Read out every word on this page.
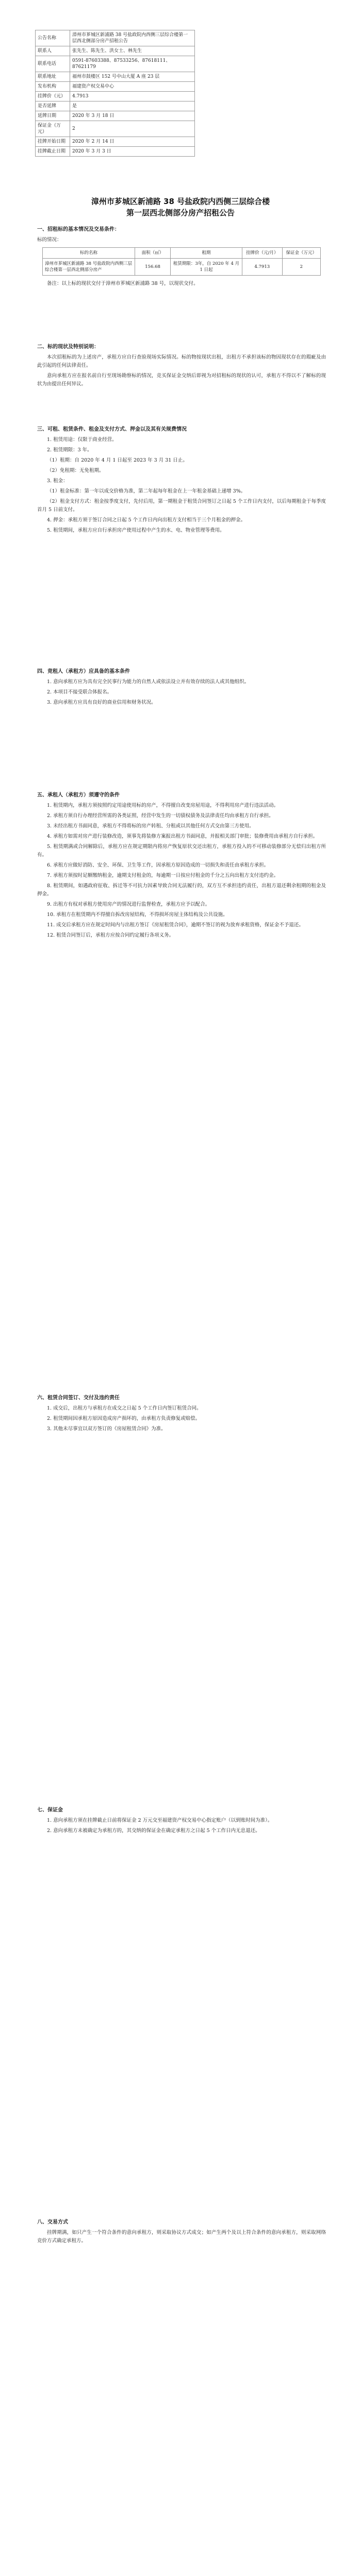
公告名称	漳州市芗城区新浦路 38 号盐政院内西侧三层综合楼第一层西北侧部分房产招租公告
联系人	张先生、陈先生、洪女士、林先生
联系电话	0591-87603388、87533256、87618111、87621179
联系地址	福州市鼓楼区 152 号中山大厦 A 座 23 层
发布机构	福建资产权交易中心
挂牌价（元）	4.7913
是否延牌	是
延牌日期	2020 年 3 月 18 日
保证金（万元）	2
挂牌开始日期	2020 年 2 月 14 日
挂牌截止日期	2020 年 3 月 3 日
漳州市芗城区新浦路 38 号盐政院内西侧三层综合楼
第一层西北侧部分房产招租公告
一、招租标的基本情况及交易条件：
标的情况：
标的名称	面积（㎡）	租期	挂牌价（元/月）	保证金（万元）
漳州市芗城区新浦路 38 号盐政院内西侧三层综合楼第一层西北侧部分房产	156.68	租赁期限：3年，自 2020 年 4 月 1 日起	4.7913	2
备注：以上标的现状交付于漳州市芗城区新浦路 38 号，以现状交付。
二、标的现状及特别说明：
本次招租标的为上述房产，承租方应自行查验现场实际情况。标的物按现状出租，出租方不承担该标的物因现状存在的瑕疵及由此引起的任何法律责任。
意向承租方应在报名前自行至现场勘察标的情况，竞买保证金交纳后即视为对招租标的现状的认可，承租方不得以不了解标的现状为由提出任何异议。
三、可租、租赁条件、租金及支付方式、押金以及其有关规费情况
1. 租赁用途：仅限于商业经营。
2. 租赁期限：3 年。
（1）租期：自 2020 年 4 月 1 日起至 2023 年 3 月 31 日止。
（2）免租期：无免租期。
3. 租金：
（1）租金标准：第一年以成交价格为准，第二年起每年租金在上一年租金基础上递增 3%。
（2）租金支付方式：租金按季度支付，先付后用，第一期租金于租赁合同签订之日起 5 个工作日内支付，以后每期租金于每季度首月 5 日前支付。
4. 押金：承租方须于签订合同之日起 5 个工作日内向出租方支付相当于三个月租金的押金。
5. 租赁期间，承租方应自行承担房产使用过程中产生的水、电、物业管理等费用。
四、竞租人（承租方）应具备的基本条件
1. 意向承租方应为具有完全民事行为能力的自然人或依法设立并有效存续的法人或其他组织。
2. 本项目不接受联合体报名。
3. 意向承租方应具有良好的商业信用和财务状况。
五、承租人（承租方）须遵守的条件
1. 租赁期内，承租方须按照约定用途使用标的房产，不得擅自改变房屋用途，不得利用房产进行违法活动。
2. 承租方须自行办理经营所需的各类证照，经营中发生的一切债权债务及法律责任均由承租方自行承担。
3. 未经出租方书面同意，承租方不得将标的房产转租、分租或以其他任何方式交由第三方使用。
4. 承租方如需对房产进行装修改造，须事先将装修方案报出租方书面同意，并报相关部门审批；装修费用由承租方自行承担。
5. 租赁期满或合同解除后，承租方应在规定期限内将房产恢复原状交还出租方，承租方投入的不可移动装修部分无偿归出租方所有。
6. 承租方应做好消防、安全、环保、卫生等工作，因承租方原因造成的一切损失和责任由承租方承担。
7. 承租方须按时足额缴纳租金，逾期支付租金的，每逾期一日按应付租金的千分之五向出租方支付违约金。
8. 租赁期间，如遇政府征收、拆迁等不可抗力因素导致合同无法履行的，双方互不承担违约责任，出租方退还剩余租期的租金及押金。
9. 出租方有权对承租方使用房产的情况进行监督检查，承租方应予以配合。
10. 承租方在租赁期内不得擅自拆改房屋结构，不得损坏房屋主体结构及公共设施。
11. 成交后承租方应在规定时间内与出租方签订《房屋租赁合同》，逾期不签订的视为放弃承租资格，保证金不予退还。
12. 租赁合同签订后，承租方应按合同约定履行各项义务。
六、租赁合同签订、交付及违约责任
1. 成交后，出租方与承租方在成交之日起 5 个工作日内签订租赁合同。
2. 租赁期间因承租方原因造成房产损坏的，由承租方负责修复或赔偿。
3. 其他未尽事宜以双方签订的《房屋租赁合同》为准。
七、保证金
1. 意向承租方须在挂牌截止日前将保证金 2 万元交至福建资产权交易中心指定账户（以到账时间为准）。
2. 意向承租方未被确定为承租方的，其交纳的保证金在确定承租方之日起 5 个工作日内无息退还。
八、交易方式
挂牌期满，如只产生一个符合条件的意向承租方，则采取协议方式成交；如产生两个及以上符合条件的意向承租方，则采取网络竞价方式确定承租方。
